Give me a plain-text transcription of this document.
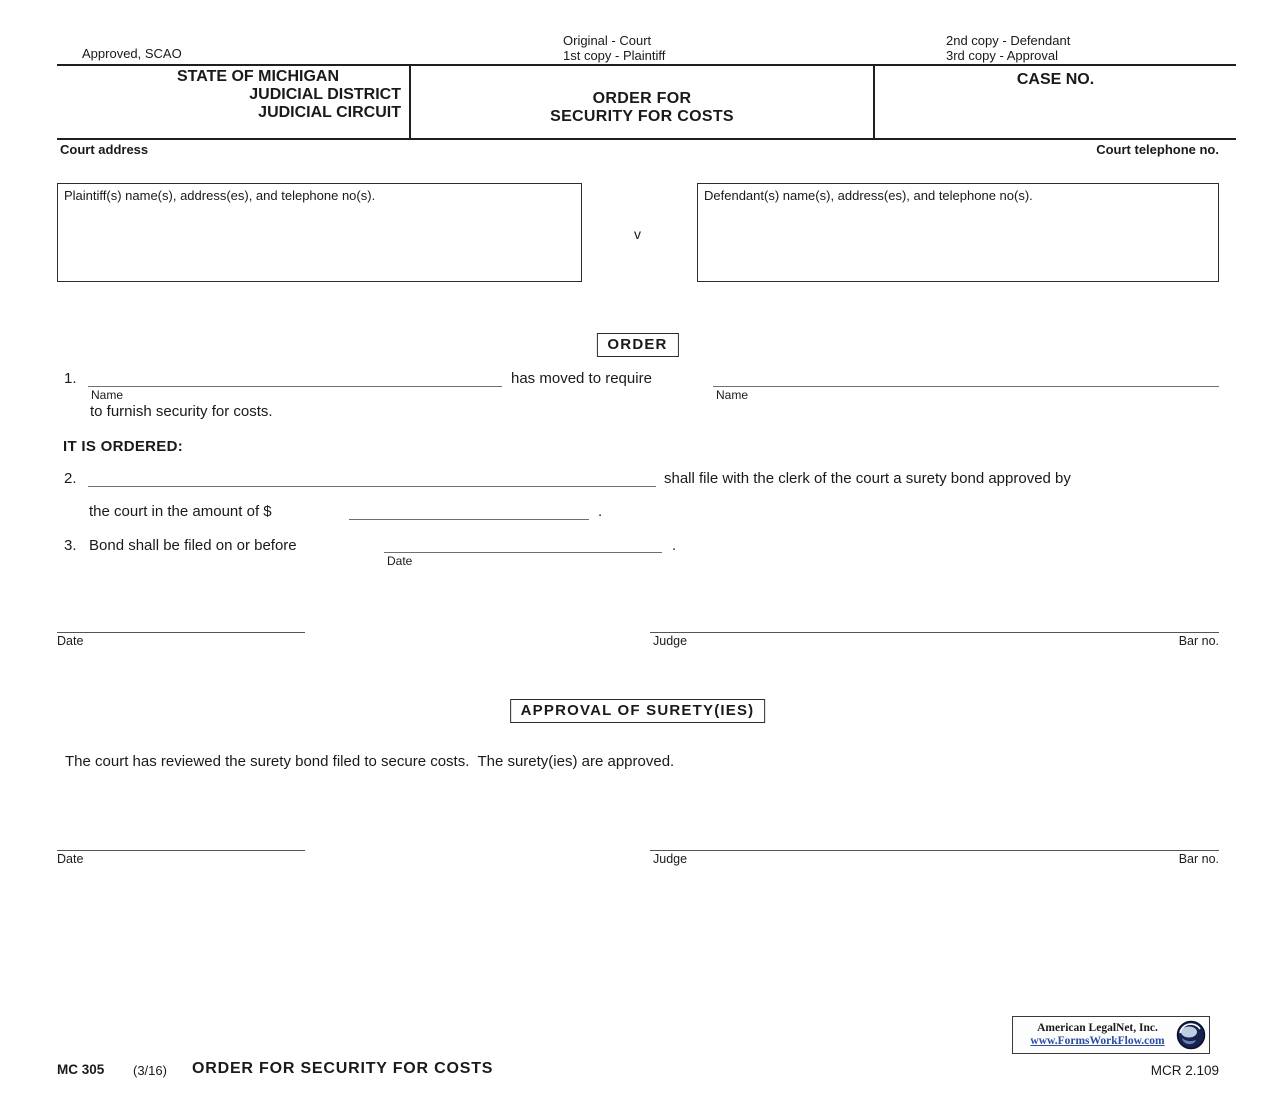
Approved, SCAO
Original - Court
1st copy - Plaintiff
2nd copy - Defendant
3rd copy - Approval
STATE OF MICHIGAN
JUDICIAL DISTRICT
JUDICIAL CIRCUIT
ORDER FOR
SECURITY FOR COSTS
CASE NO.
Court address	Court telephone no.
Plaintiff(s) name(s), address(es), and telephone no(s).
v
Defendant(s) name(s), address(es), and telephone no(s).
ORDER
1.
Name
has moved to require
Name
to furnish security for costs.
IT IS ORDERED:
2.	shall file with the clerk of the court a surety bond approved by
the court in the amount of $	.
3. Bond shall be filed on or before	.
Date
Date	Judge	Bar no.
APPROVAL OF SURETY(IES)
The court has reviewed the surety bond filed to secure costs.  The surety(ies) are approved.
Date	Judge	Bar no.
American LegalNet, Inc.
www.FormsWorkFlow.com
MC 305 (3/16) ORDER FOR SECURITY FOR COSTS	MCR 2.109
